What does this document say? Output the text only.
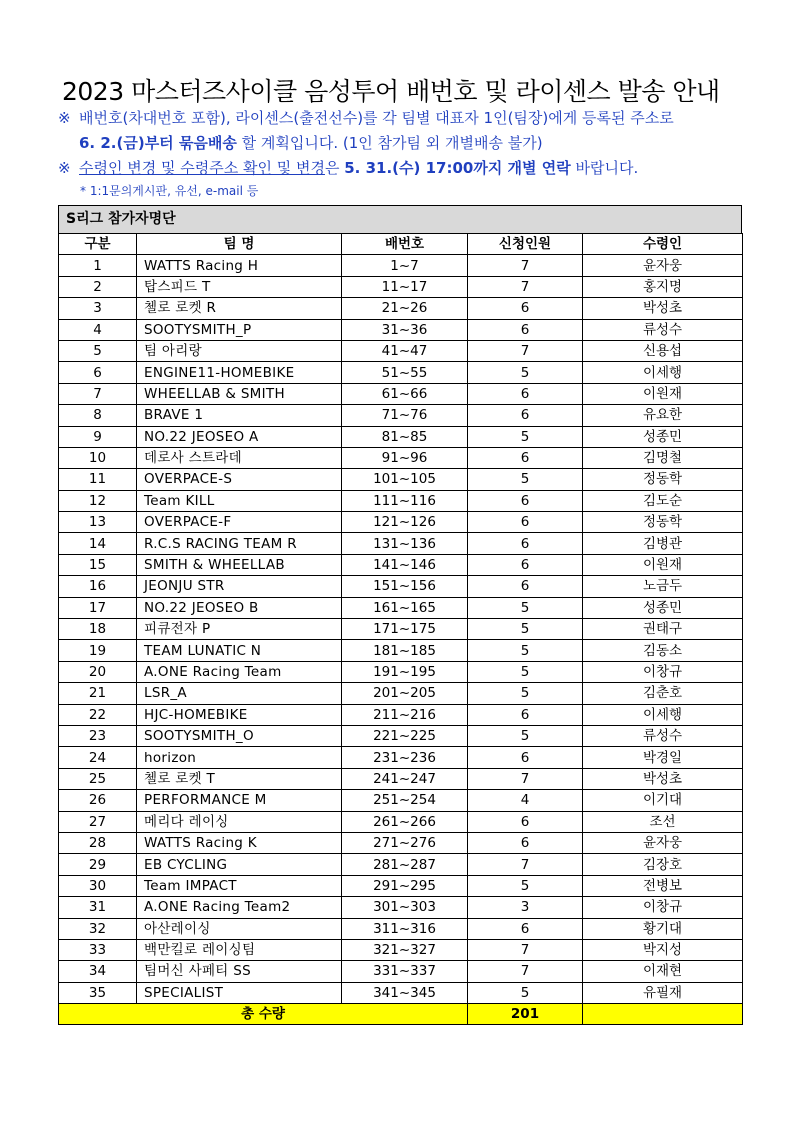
2023 마스터즈사이클 음성투어 배번호 및 라이센스 발송 안내
※ 배번호(차대번호 포함), 라이센스(출전선수)를 각 팀별 대표자 1인(팀장)에게 등록된 주소로
6. 2.(금)부터 묶음배송 할 계획입니다. (1인 참가팀 외 개별배송 불가)
※ 수령인 변경 및 수령주소 확인 및 변경은 5. 31.(수) 17:00까지 개별 연락 바랍니다.
* 1:1문의게시판, 유선, e-mail 등
S리그 참가자명단
구분	팀 명	배번호	신청인원	수령인
1	WATTS Racing H	1~7	7	윤자웅
2	탑스피드 T	11~17	7	홍지명
3	첼로 로켓 R	21~26	6	박성초
4	SOOTYSMITH_P	31~36	6	류성수
5	팀 아리랑	41~47	7	신용섭
6	ENGINE11-HOMEBIKE	51~55	5	이세행
7	WHEELLAB & SMITH	61~66	6	이원재
8	BRAVE 1	71~76	6	유요한
9	NO.22 JEOSEO A	81~85	5	성종민
10	데로사 스트라데	91~96	6	김명철
11	OVERPACE-S	101~105	5	정동학
12	Team KILL	111~116	6	김도순
13	OVERPACE-F	121~126	6	정동학
14	R.C.S RACING TEAM R	131~136	6	김병관
15	SMITH & WHEELLAB	141~146	6	이원재
16	JEONJU STR	151~156	6	노금두
17	NO.22 JEOSEO B	161~165	5	성종민
18	피큐전자 P	171~175	5	권태구
19	TEAM LUNATIC N	181~185	5	김동소
20	A.ONE Racing Team	191~195	5	이창규
21	LSR_A	201~205	5	김춘호
22	HJC-HOMEBIKE	211~216	6	이세행
23	SOOTYSMITH_O	221~225	5	류성수
24	horizon	231~236	6	박경일
25	첼로 로켓 T	241~247	7	박성초
26	PERFORMANCE M	251~254	4	이기대
27	메리다 레이싱	261~266	6	조선
28	WATTS Racing K	271~276	6	윤자웅
29	EB CYCLING	281~287	7	김장호
30	Team IMPACT	291~295	5	전병보
31	A.ONE Racing Team2	301~303	3	이창규
32	아산레이싱	311~316	6	황기대
33	백만킬로 레이싱팀	321~327	7	박지성
34	팀머신 사페티 SS	331~337	7	이재현
35	SPECIALIST	341~345	5	유필재
총 수량			201	
